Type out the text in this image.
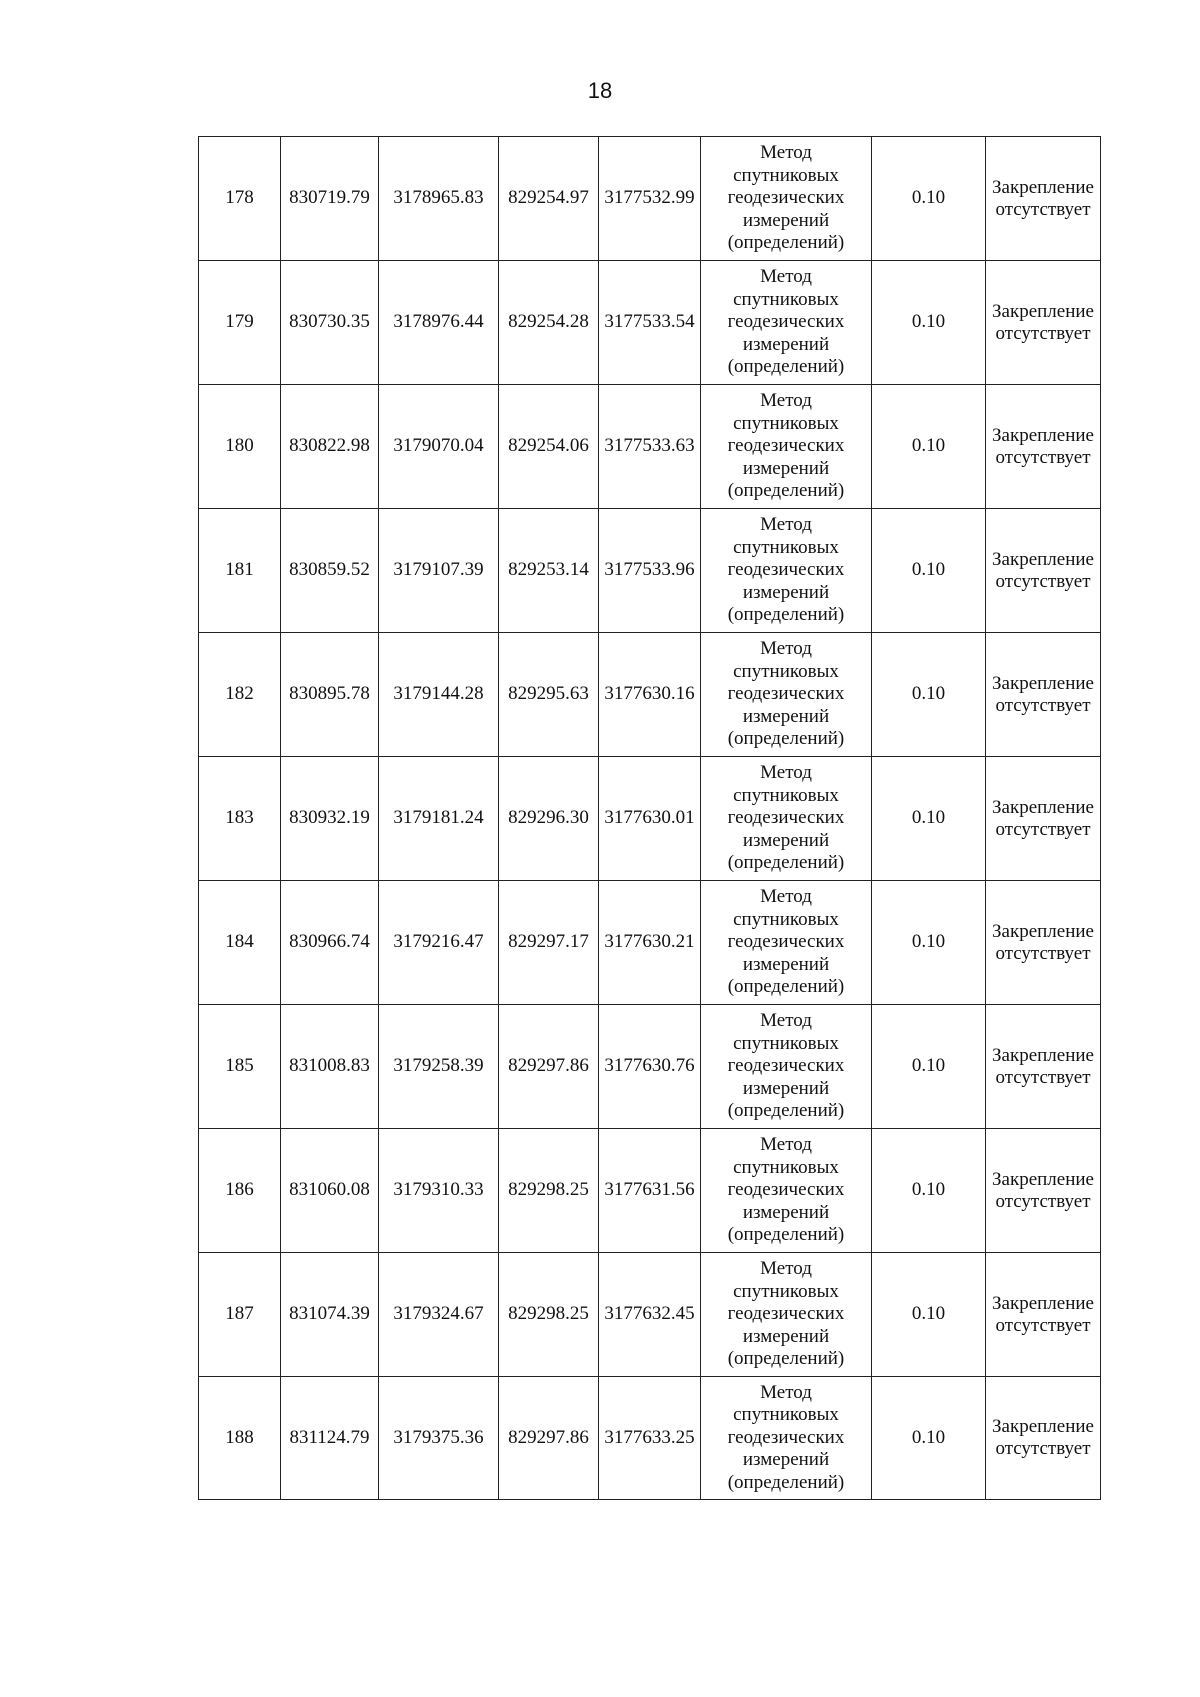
18
178	830719.79	3178965.83	829254.97	3177532.99	Метод
спутниковых
геодезических
измерений
(определений)	0.10	Закрепление
отсутствует
179	830730.35	3178976.44	829254.28	3177533.54	Метод
спутниковых
геодезических
измерений
(определений)	0.10	Закрепление
отсутствует
180	830822.98	3179070.04	829254.06	3177533.63	Метод
спутниковых
геодезических
измерений
(определений)	0.10	Закрепление
отсутствует
181	830859.52	3179107.39	829253.14	3177533.96	Метод
спутниковых
геодезических
измерений
(определений)	0.10	Закрепление
отсутствует
182	830895.78	3179144.28	829295.63	3177630.16	Метод
спутниковых
геодезических
измерений
(определений)	0.10	Закрепление
отсутствует
183	830932.19	3179181.24	829296.30	3177630.01	Метод
спутниковых
геодезических
измерений
(определений)	0.10	Закрепление
отсутствует
184	830966.74	3179216.47	829297.17	3177630.21	Метод
спутниковых
геодезических
измерений
(определений)	0.10	Закрепление
отсутствует
185	831008.83	3179258.39	829297.86	3177630.76	Метод
спутниковых
геодезических
измерений
(определений)	0.10	Закрепление
отсутствует
186	831060.08	3179310.33	829298.25	3177631.56	Метод
спутниковых
геодезических
измерений
(определений)	0.10	Закрепление
отсутствует
187	831074.39	3179324.67	829298.25	3177632.45	Метод
спутниковых
геодезических
измерений
(определений)	0.10	Закрепление
отсутствует
188	831124.79	3179375.36	829297.86	3177633.25	Метод
спутниковых
геодезических
измерений
(определений)	0.10	Закрепление
отсутствует
